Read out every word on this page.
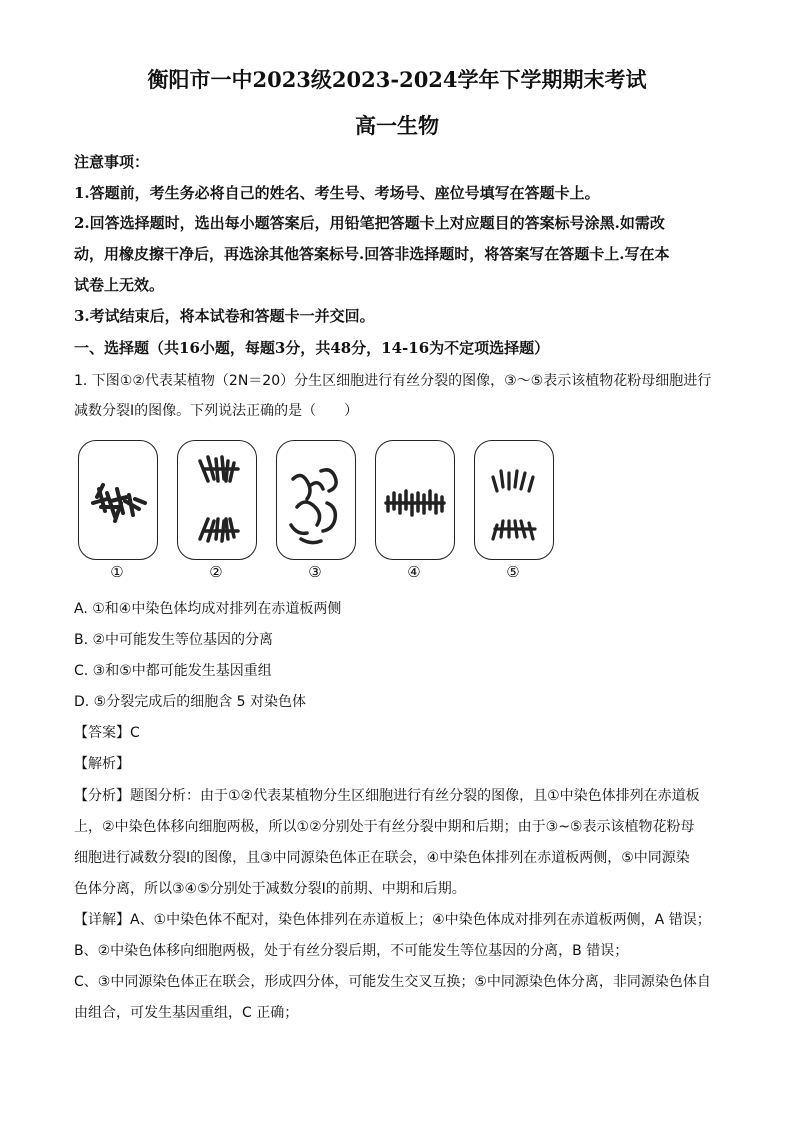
衡阳市一中2023级2023-2024学年下学期期末考试
高一生物
注意事项：
1.答题前，考生务必将自己的姓名、考生号、考场号、座位号填写在答题卡上。
2.回答选择题时，选出每小题答案后，用铅笔把答题卡上对应题目的答案标号涂黑.如需改
动，用橡皮擦干净后，再选涂其他答案标号.回答非选择题时，将答案写在答题卡上.写在本
试卷上无效。
3.考试结束后，将本试卷和答题卡一并交回。
一、选择题（共16小题，每题3分，共48分，14-16为不定项选择题）
1. 下图①②代表某植物（2N＝20）分生区细胞进行有丝分裂的图像，③～⑤表示该植物花粉母细胞进行
减数分裂Ⅰ的图像。下列说法正确的是（　　）
①	②	③	④	⑤
A. ①和④中染色体均成对排列在赤道板两侧
B. ②中可能发生等位基因的分离
C. ③和⑤中都可能发生基因重组
D. ⑤分裂完成后的细胞含 5 对染色体
【答案】C
【解析】
【分析】题图分析：由于①②代表某植物分生区细胞进行有丝分裂的图像，且①中染色体排列在赤道板
上，②中染色体移向细胞两极，所以①②分别处于有丝分裂中期和后期；由于③~⑤表示该植物花粉母
细胞进行减数分裂Ⅰ的图像，且③中同源染色体正在联会，④中染色体排列在赤道板两侧，⑤中同源染
色体分离，所以③④⑤分别处于减数分裂Ⅰ的前期、中期和后期。
【详解】A、①中染色体不配对，染色体排列在赤道板上；④中染色体成对排列在赤道板两侧，A 错误；
B、②中染色体移向细胞两极，处于有丝分裂后期，不可能发生等位基因的分离，B 错误；
C、③中同源染色体正在联会，形成四分体，可能发生交叉互换；⑤中同源染色体分离，非同源染色体自
由组合，可发生基因重组，C 正确；
